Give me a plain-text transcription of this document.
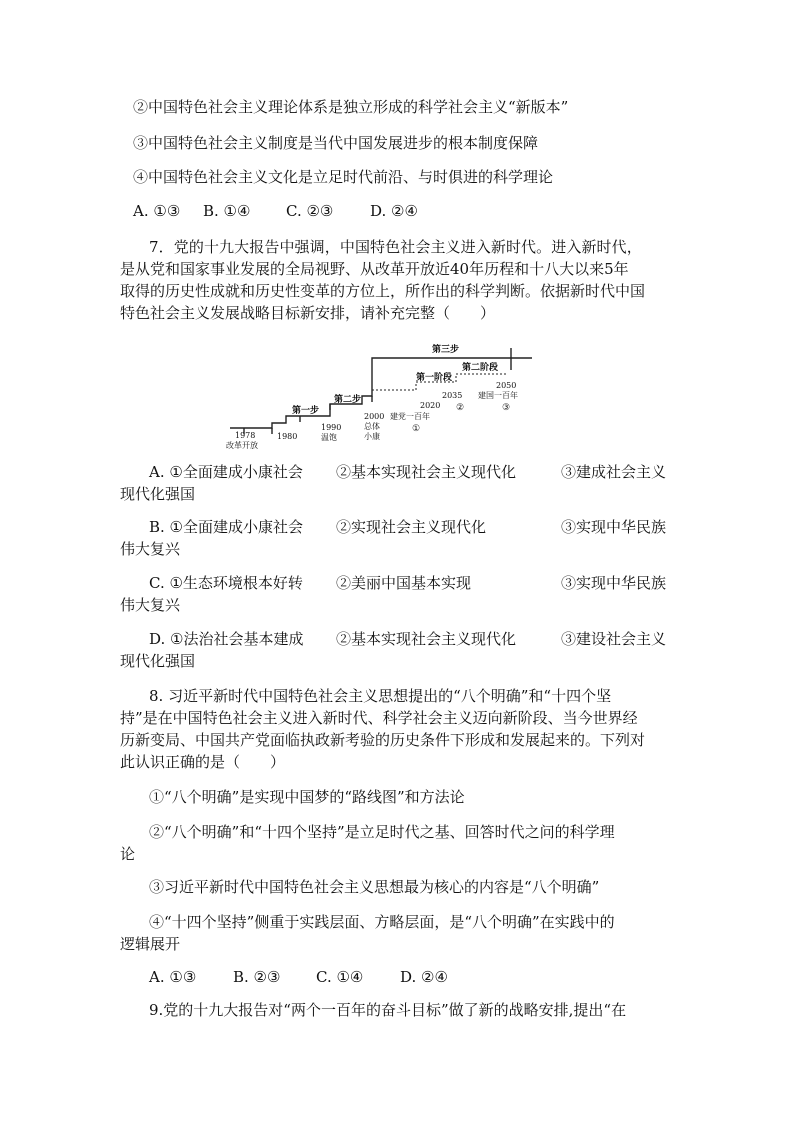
②中国特色社会主义理论体系是独立形成的科学社会主义“新版本”
③中国特色社会主义制度是当代中国发展进步的根本制度保障
④中国特色社会主义文化是立足时代前沿、与时俱进的科学理论
A. ①③ B. ①④ C. ②③ D. ②④
7．党的十九大报告中强调，中国特色社会主义进入新时代。进入新时代，
是从党和国家事业发展的全局视野、从改革开放近40年历程和十八大以来5年
取得的历史性成就和历史性变革的方位上，所作出的科学判断。依据新时代中国
特色社会主义发展战略目标新安排，请补充完整（　　）
第三步
第二阶段
第一阶段
第二步
第一步
1978
改革开放
1980
1990
温饱
2000
总体
小康
2020
建党一百年
①
2035
②
2050
建国一百年
③
A. ①全面建成小康社会 ②基本实现社会主义现代化	③建成社会主义
现代化强国
B. ①全面建成小康社会 ②实现社会主义现代化	③实现中华民族
伟大复兴
C. ①生态环境根本好转 ②美丽中国基本实现	③实现中华民族
伟大复兴
D. ①法治社会基本建成 ②基本实现社会主义现代化	③建设社会主义
现代化强国
8. 习近平新时代中国特色社会主义思想提出的“八个明确”和“十四个坚
持”是在中国特色社会主义进入新时代、科学社会主义迈向新阶段、当今世界经
历新变局、中国共产党面临执政新考验的历史条件下形成和发展起来的。下列对
此认识正确的是（　　）
①“八个明确”是实现中国梦的“路线图”和方法论
②“八个明确”和“十四个坚持”是立足时代之基、回答时代之问的科学理
论
③习近平新时代中国特色社会主义思想最为核心的内容是“八个明确”
④“十四个坚持”侧重于实践层面、方略层面，是“八个明确”在实践中的
逻辑展开
A. ①③ B. ②③ C. ①④ D. ②④
9.党的十九大报告对“两个一百年的奋斗目标”做了新的战略安排,提出“在
